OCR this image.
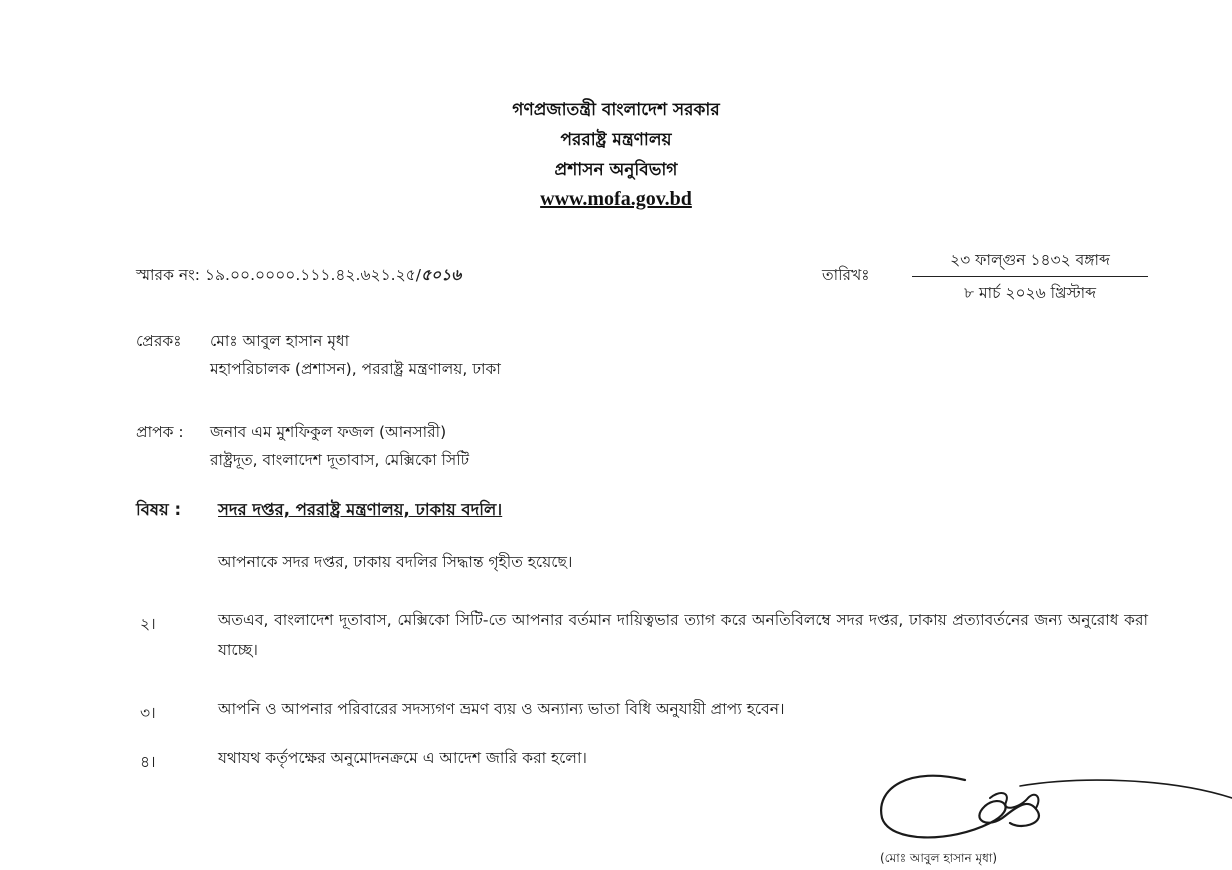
গণপ্রজাতন্ত্রী বাংলাদেশ সরকার
পররাষ্ট্র মন্ত্রণালয়
প্রশাসন অনুবিভাগ
www.mofa.gov.bd
স্মারক নং: ১৯.০০.০০০০.১১১.৪২.৬২১.২৫/৫০১৬	তারিখঃ
২৩ ফাল্গুন ১৪৩২ বঙ্গাব্দ
৮ মার্চ ২০২৬ খ্রিস্টাব্দ
প্রেরকঃ মোঃ আবুল হাসান মৃধা
মহাপরিচালক (প্রশাসন), পররাষ্ট্র মন্ত্রণালয়, ঢাকা
প্রাপক : জনাব এম মুশফিকুল ফজল (আনসারী)
রাষ্ট্রদূত, বাংলাদেশ দূতাবাস, মেক্সিকো সিটি
বিষয় : সদর দপ্তর, পররাষ্ট্র মন্ত্রণালয়, ঢাকায় বদলি।
আপনাকে সদর দপ্তর, ঢাকায় বদলির সিদ্ধান্ত গৃহীত হয়েছে।
২।	অতএব, বাংলাদেশ দূতাবাস, মেক্সিকো সিটি-তে আপনার বর্তমান দায়িত্বভার ত্যাগ করে অনতিবিলম্বে সদর দপ্তর, ঢাকায় প্রত্যাবর্তনের জন্য অনুরোধ করা যাচ্ছে।
৩।	আপনি ও আপনার পরিবারের সদস্যগণ ভ্রমণ ব্যয় ও অন্যান্য ভাতা বিধি অনুযায়ী প্রাপ্য হবেন।
৪।	যথাযথ কর্তৃপক্ষের অনুমোদনক্রমে এ আদেশ জারি করা হলো।
(মোঃ আবুল হাসান মৃধা)
